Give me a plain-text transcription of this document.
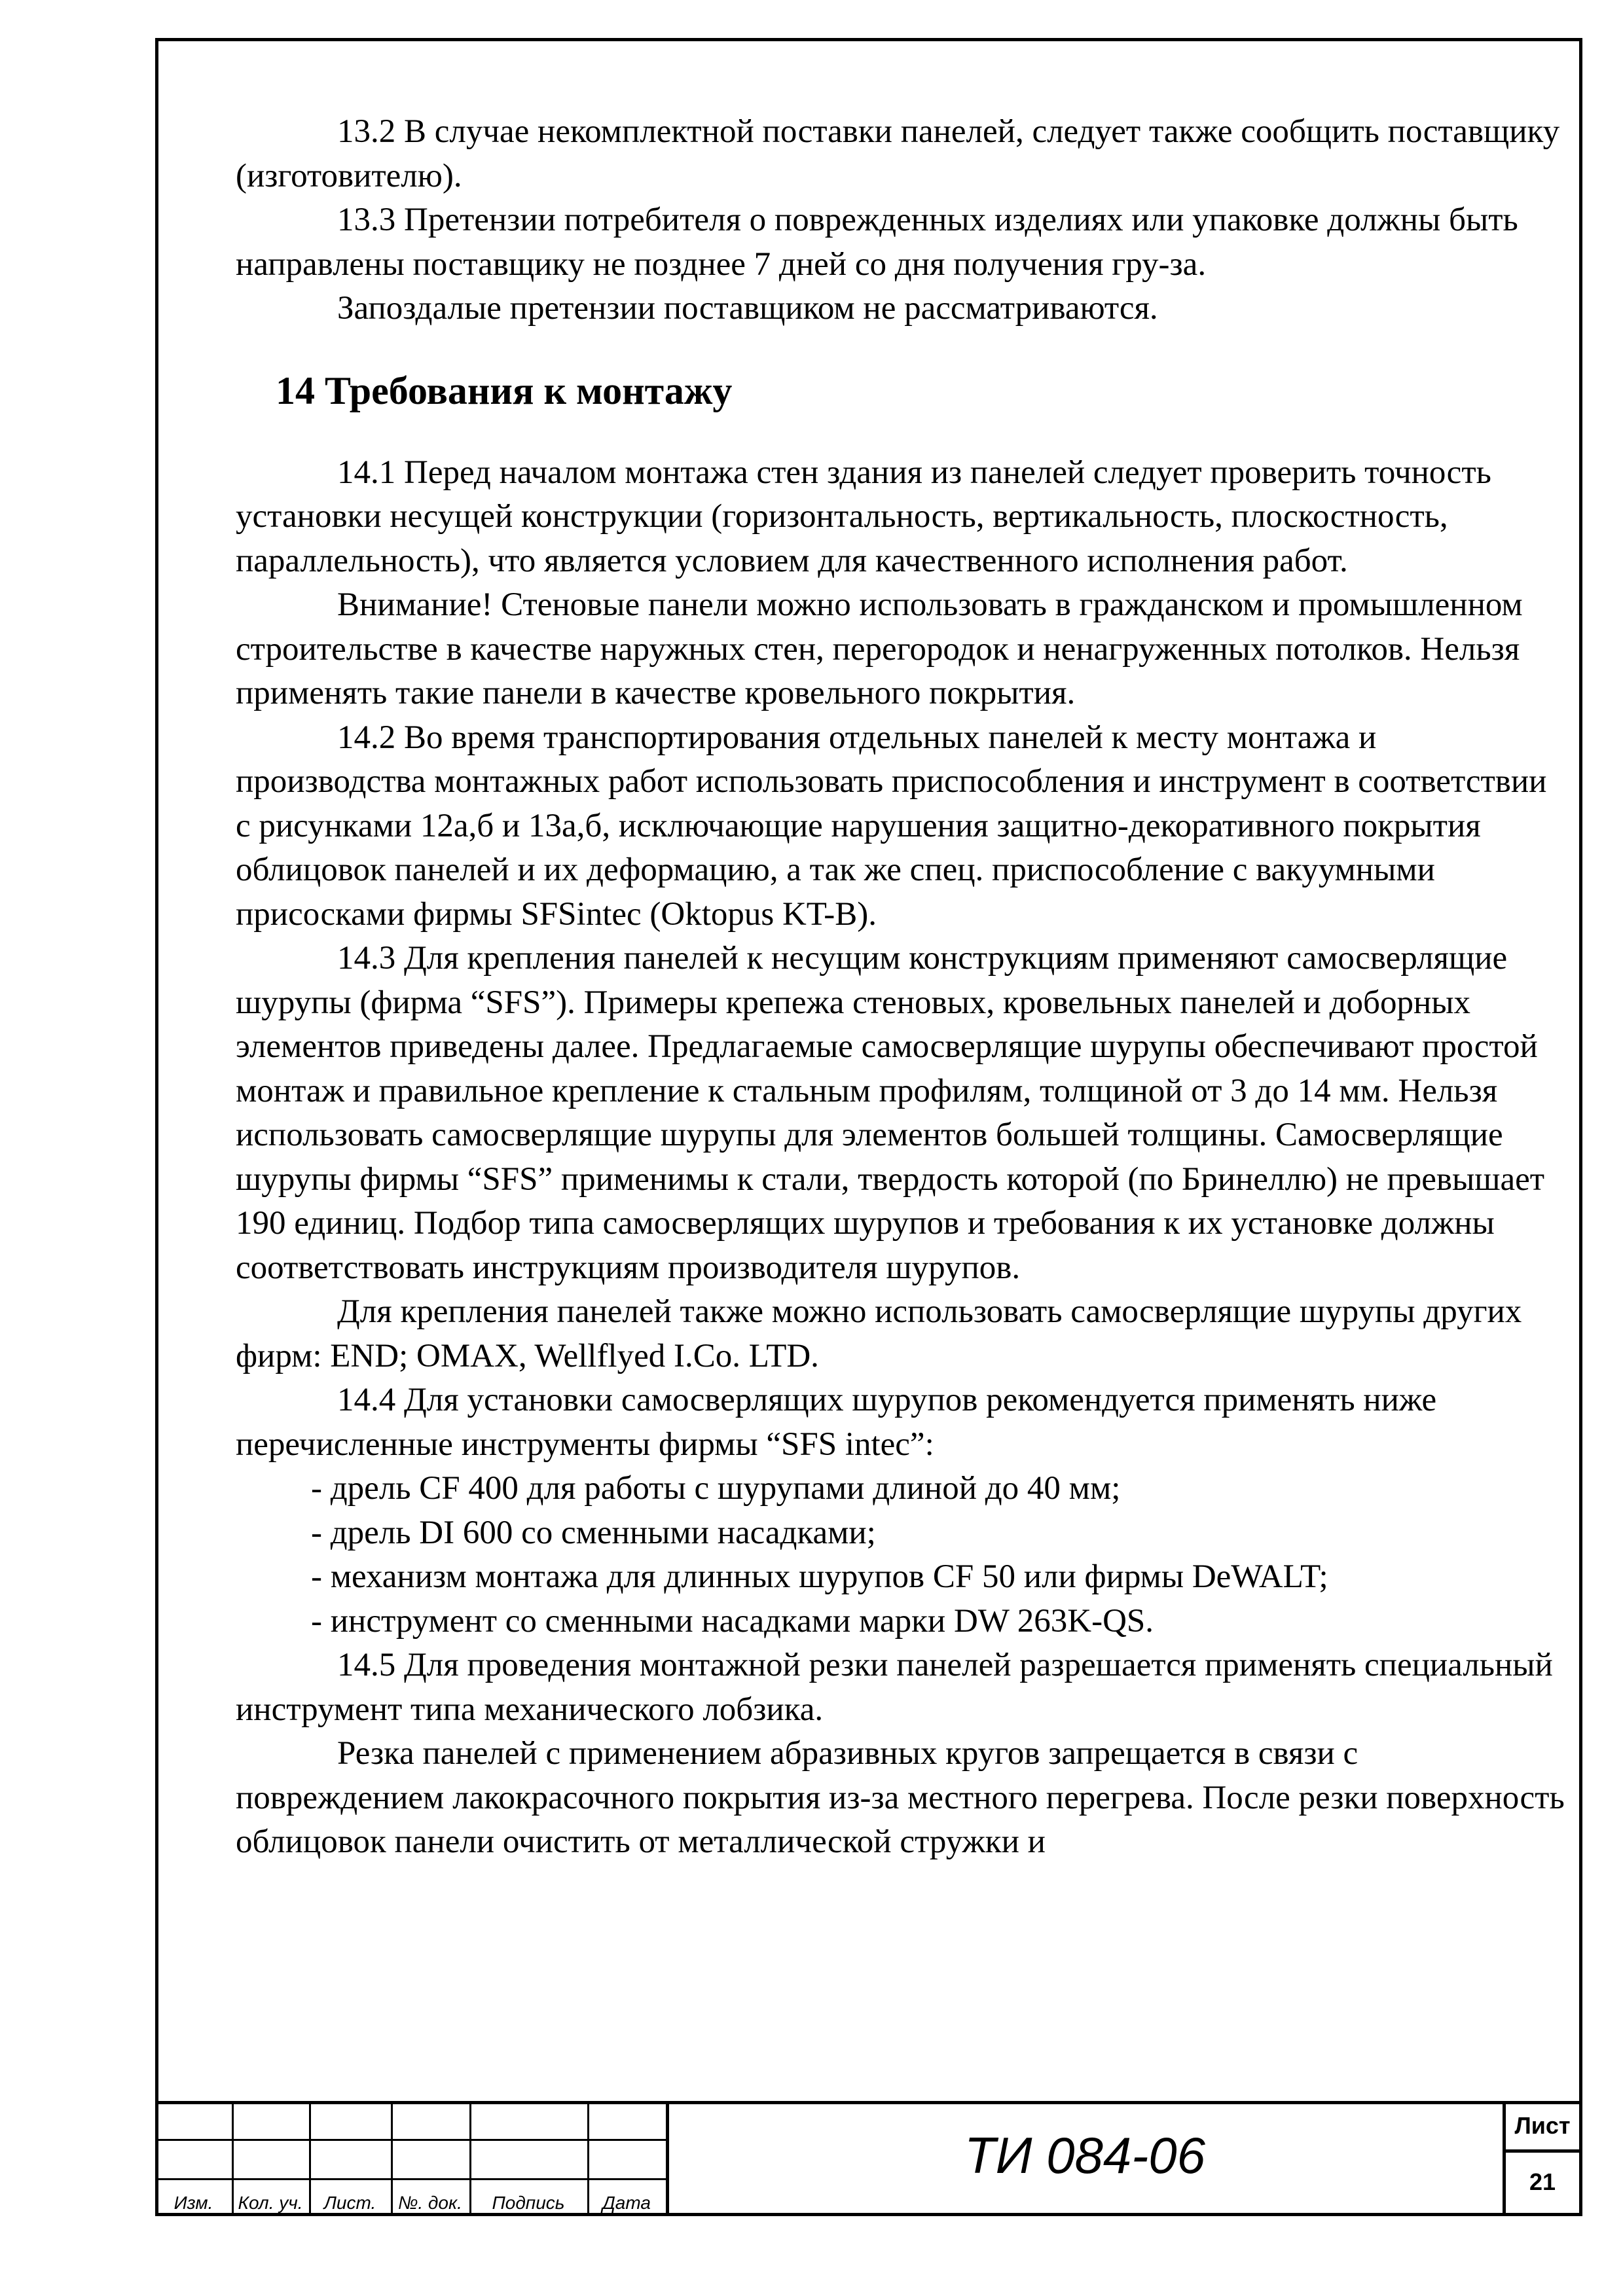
13.2 В случае некомплектной поставки панелей, следует также сообщить поставщику (изготовителю).

13.3 Претензии потребителя о поврежденных изделиях или упаковке должны быть направлены поставщику не позднее 7 дней со дня получения гру-за.

Запоздалые претензии поставщиком не рассматриваются.

14 Требования к монтажу

14.1 Перед началом монтажа стен здания из панелей следует проверить точность установки несущей конструкции (горизонтальность, вертикальность, плоскостность, параллельность), что является условием для качественного исполнения работ.

Внимание! Стеновые панели можно использовать в гражданском и промышленном строительстве в качестве наружных стен, перегородок и ненагруженных потолков. Нельзя применять такие панели в качестве кровельного покрытия.

14.2 Во время транспортирования отдельных панелей к месту монтажа и производства монтажных работ использовать приспособления и инструмент в соответствии с рисунками 12а,б и 13а,б, исключающие нарушения защитно-декоративного покрытия облицовок панелей и их деформацию, а так же спец. приспособление с вакуумными присосками фирмы SFSintec (Oktopus KT-B).

14.3 Для крепления панелей к несущим конструкциям применяют самосверлящие шурупы (фирма “SFS”). Примеры крепежа стеновых, кровельных панелей и доборных элементов приведены далее. Предлагаемые самосверлящие шурупы обеспечивают простой монтаж и правильное крепление к стальным профилям, толщиной от 3 до 14 мм. Нельзя использовать самосверлящие шурупы для элементов большей толщины. Самосверлящие шурупы фирмы “SFS” применимы к стали, твердость которой (по Бринеллю) не превышает 190 единиц. Подбор типа самосверлящих шурупов и требования к их установке должны соответствовать инструкциям производителя шурупов.

Для крепления панелей также можно использовать самосверлящие шурупы других фирм: END; OMAX, Wellflyed I.Co. LTD.

14.4 Для установки самосверлящих шурупов рекомендуется применять ниже перечисленные инструменты фирмы “SFS intec”:

- дрель CF 400 для работы с шурупами длиной до 40 мм;

- дрель DI 600 со сменными насадками;

- механизм монтажа для длинных шурупов CF 50 или фирмы DeWALT;

- инструмент со сменными насадками марки DW 263K-QS.

14.5 Для проведения монтажной резки панелей разрешается применять специальный инструмент типа механического лобзика.

Резка панелей с применением абразивных кругов запрещается в связи с повреждением лакокрасочного покрытия из-за местного перегрева. После резки поверхность облицовок панели очистить от металлической стружки и

Изм.	Кол. уч.	Лист.	№. док.	Подпись	Дата
ТИ 084-06
Лист
21
